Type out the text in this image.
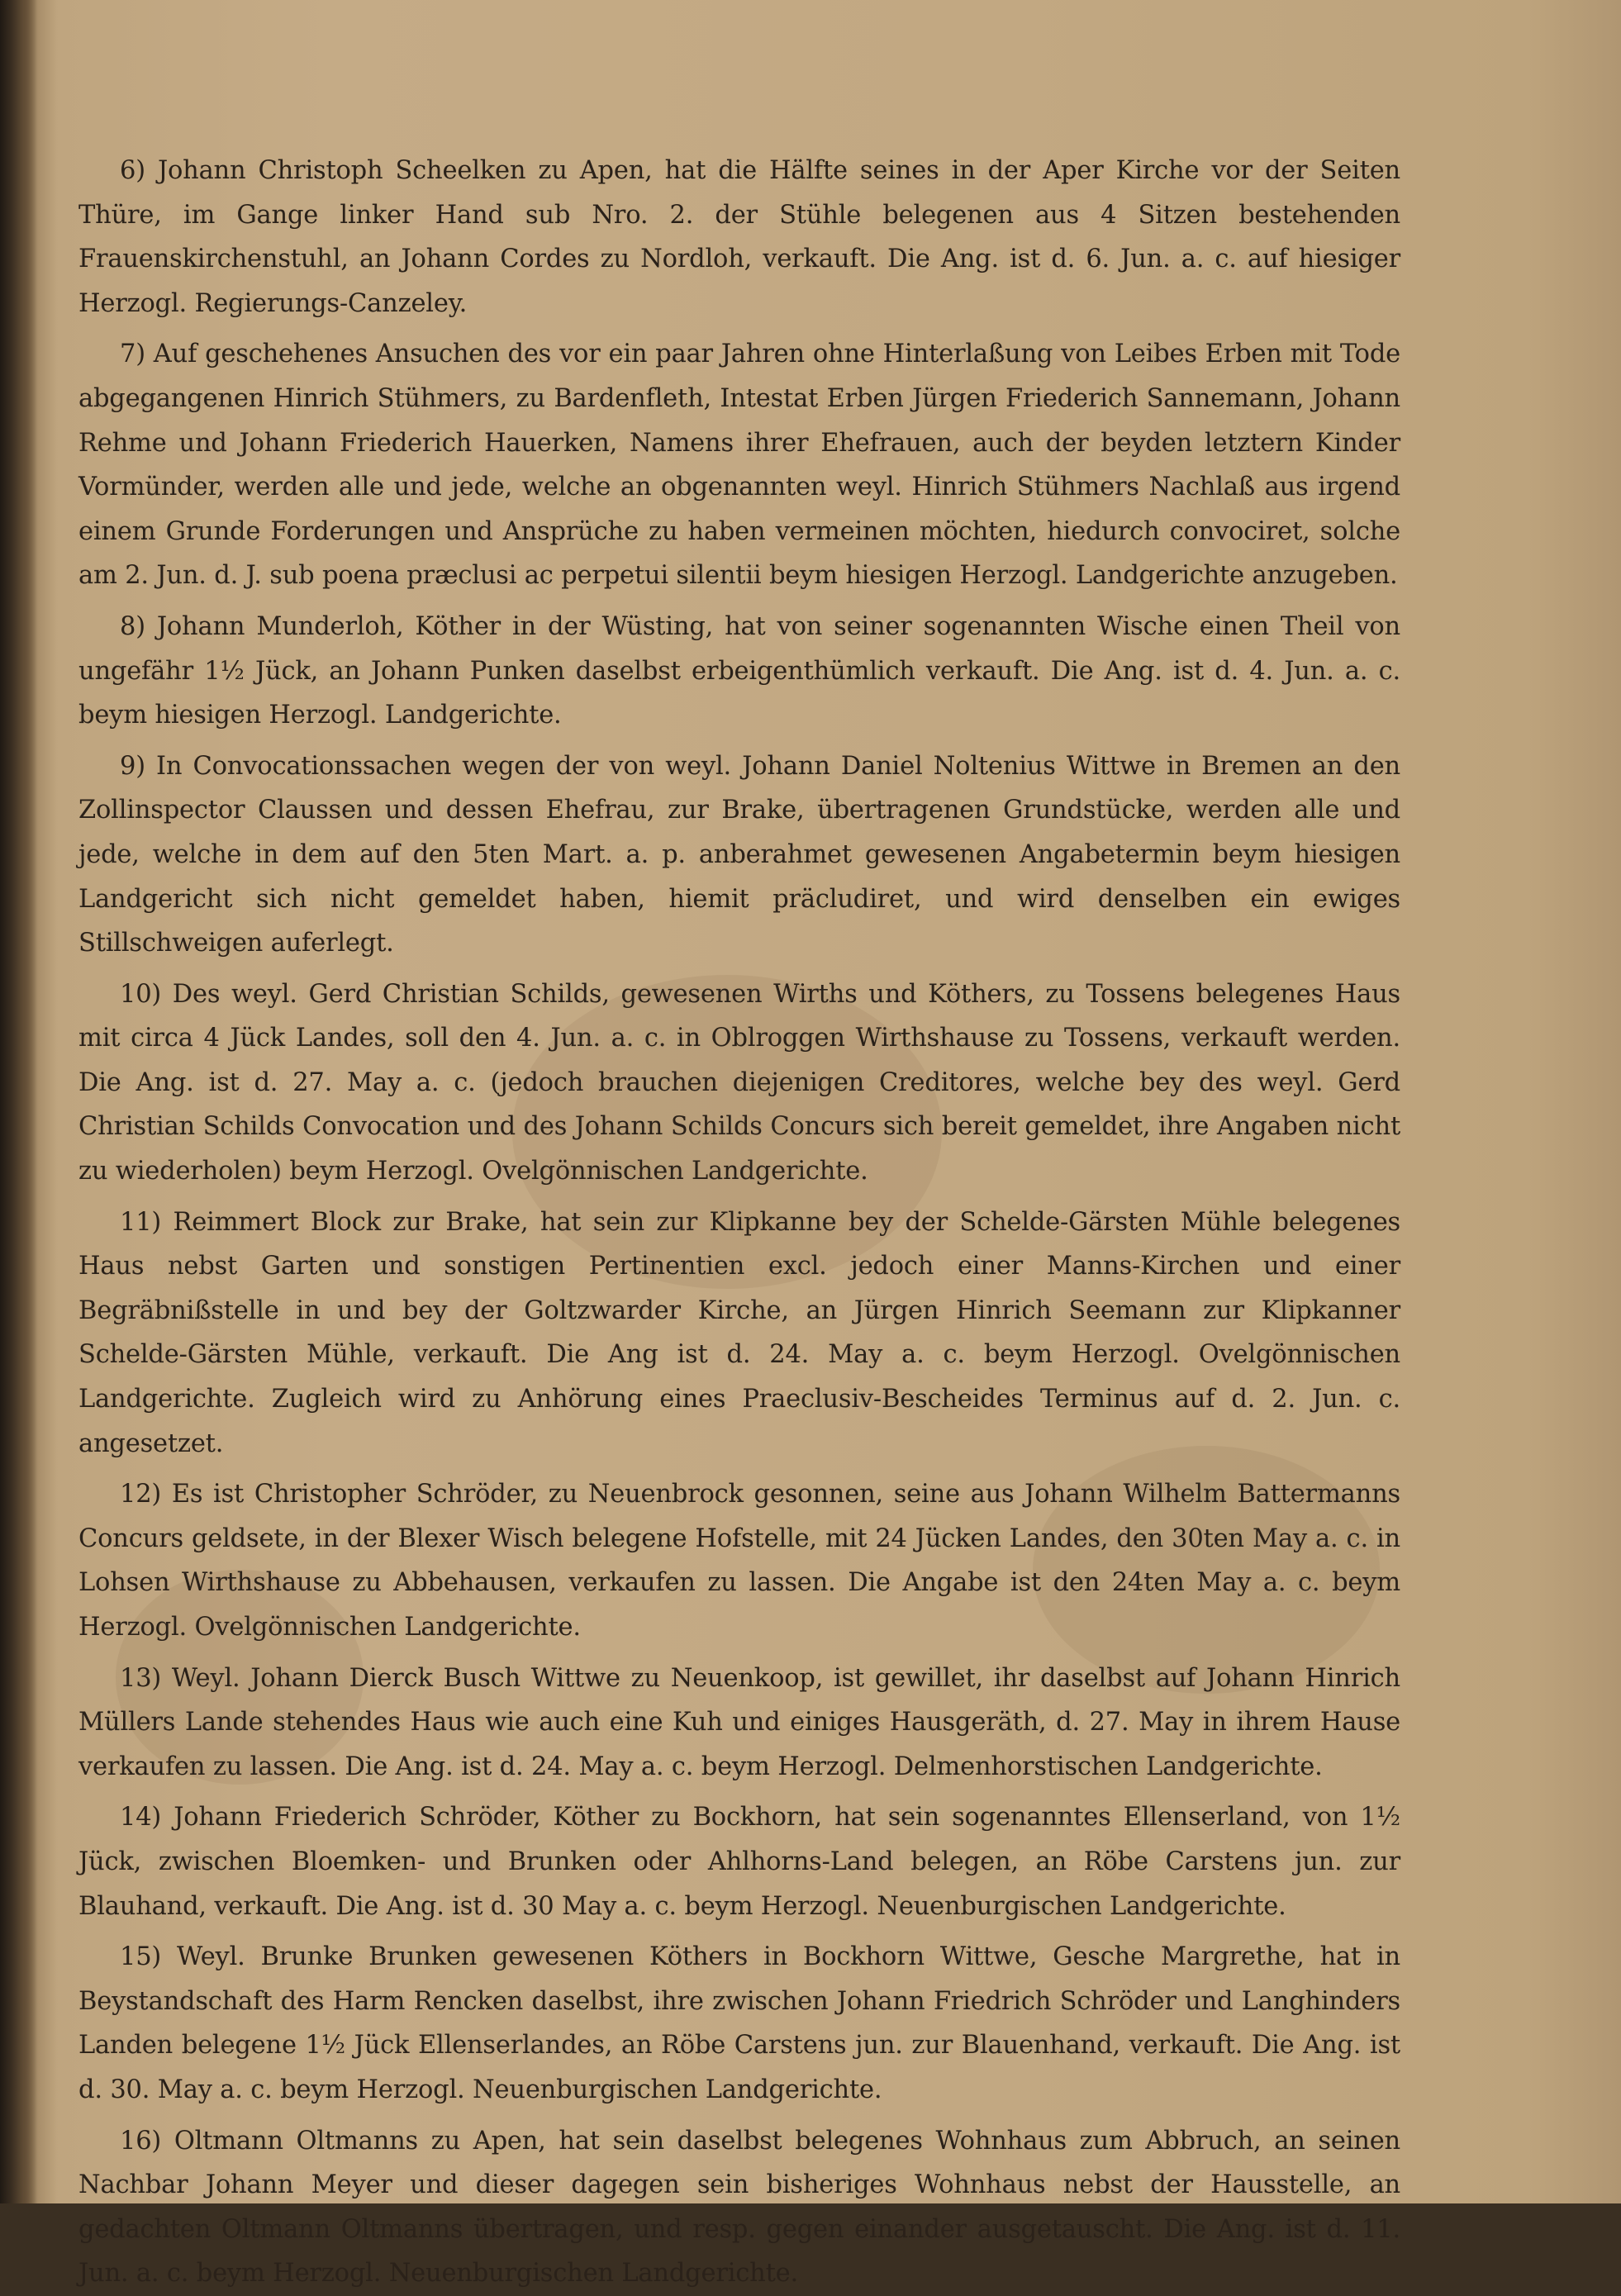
6) Johann Christoph Scheelken zu Apen, hat die Hälfte seines in der Aper Kirche vor der Seiten Thüre, im Gange linker Hand sub Nro. 2. der Stühle belegenen aus 4 Sitzen bestehenden Frauenskirchenstuhl, an Johann Cordes zu Nordloh, verkauft. Die Ang. ist d. 6. Jun. a. c. auf hiesiger Herzogl. Regierungs-Canzeley.

7) Auf geschehenes Ansuchen des vor ein paar Jahren ohne Hinterlaßung von Leibes Erben mit Tode abgegangenen Hinrich Stühmers, zu Bardenfleth, Intestat Erben Jürgen Friederich Sannemann, Johann Rehme und Johann Friederich Hauerken, Namens ihrer Ehefrauen, auch der beyden letztern Kinder Vormünder, werden alle und jede, welche an obgenannten weyl. Hinrich Stühmers Nachlaß aus irgend einem Grunde Forderungen und Ansprüche zu haben vermeinen möchten, hiedurch convociret, solche am 2. Jun. d. J. sub poena præclusi ac perpetui silentii beym hiesigen Herzogl. Landgerichte anzugeben.

8) Johann Munderloh, Köther in der Wüsting, hat von seiner sogenannten Wische einen Theil von ungefähr 1½ Jück, an Johann Punken daselbst erbeigenthümlich verkauft. Die Ang. ist d. 4. Jun. a. c. beym hiesigen Herzogl. Landgerichte.

9) In Convocationssachen wegen der von weyl. Johann Daniel Noltenius Wittwe in Bremen an den Zollinspector Claussen und dessen Ehefrau, zur Brake, übertragenen Grundstücke, werden alle und jede, welche in dem auf den 5ten Mart. a. p. anberahmet gewesenen Angabetermin beym hiesigen Landgericht sich nicht gemeldet haben, hiemit präcludiret, und wird denselben ein ewiges Stillschweigen auferlegt.

10) Des weyl. Gerd Christian Schilds, gewesenen Wirths und Köthers, zu Tossens belegenes Haus mit circa 4 Jück Landes, soll den 4. Jun. a. c. in Oblroggen Wirthshause zu Tossens, verkauft werden. Die Ang. ist d. 27. May a. c. (jedoch brauchen diejenigen Creditores, welche bey des weyl. Gerd Christian Schilds Convocation und des Johann Schilds Concurs sich bereit gemeldet, ihre Angaben nicht zu wiederholen) beym Herzogl. Ovelgönnischen Landgerichte.

11) Reimmert Block zur Brake, hat sein zur Klipkanne bey der Schelde-Gärsten Mühle belegenes Haus nebst Garten und sonstigen Pertinentien excl. jedoch einer Manns-Kirchen und einer Begräbnißstelle in und bey der Goltzwarder Kirche, an Jürgen Hinrich Seemann zur Klipkanner Schelde-Gärsten Mühle, verkauft. Die Ang ist d. 24. May a. c. beym Herzogl. Ovelgönnischen Landgerichte. Zugleich wird zu Anhörung eines Praeclusiv-Bescheides Terminus auf d. 2. Jun. c. angesetzet.

12) Es ist Christopher Schröder, zu Neuenbrock gesonnen, seine aus Johann Wilhelm Battermanns Concurs geldsete, in der Blexer Wisch belegene Hofstelle, mit 24 Jücken Landes, den 30ten May a. c. in Lohsen Wirthshause zu Abbehausen, verkaufen zu lassen. Die Angabe ist den 24ten May a. c. beym Herzogl. Ovelgönnischen Landgerichte.

13) Weyl. Johann Dierck Busch Wittwe zu Neuenkoop, ist gewillet, ihr daselbst auf Johann Hinrich Müllers Lande stehendes Haus wie auch eine Kuh und einiges Hausgeräth, d. 27. May in ihrem Hause verkaufen zu lassen. Die Ang. ist d. 24. May a. c. beym Herzogl. Delmenhorstischen Landgerichte.

14) Johann Friederich Schröder, Köther zu Bockhorn, hat sein sogenanntes Ellenserland, von 1½ Jück, zwischen Bloemken- und Brunken oder Ahlhorns-Land belegen, an Röbe Carstens jun. zur Blauhand, verkauft. Die Ang. ist d. 30 May a. c. beym Herzogl. Neuenburgischen Landgerichte.

15) Weyl. Brunke Brunken gewesenen Köthers in Bockhorn Wittwe, Gesche Margrethe, hat in Beystandschaft des Harm Rencken daselbst, ihre zwischen Johann Friedrich Schröder und Langhinders Landen belegene 1½ Jück Ellenserlandes, an Röbe Carstens jun. zur Blauenhand, verkauft. Die Ang. ist d. 30. May a. c. beym Herzogl. Neuenburgischen Landgerichte.

16) Oltmann Oltmanns zu Apen, hat sein daselbst belegenes Wohnhaus zum Abbruch, an seinen Nachbar Johann Meyer und dieser dagegen sein bisheriges Wohnhaus nebst der Hausstelle, an gedachten Oltmann Oltmanns übertragen, und resp. gegen einander ausgetauscht. Die Ang. ist d. 11. Jun. a. c. beym Herzogl. Neuenburgischen Landgerichte.
